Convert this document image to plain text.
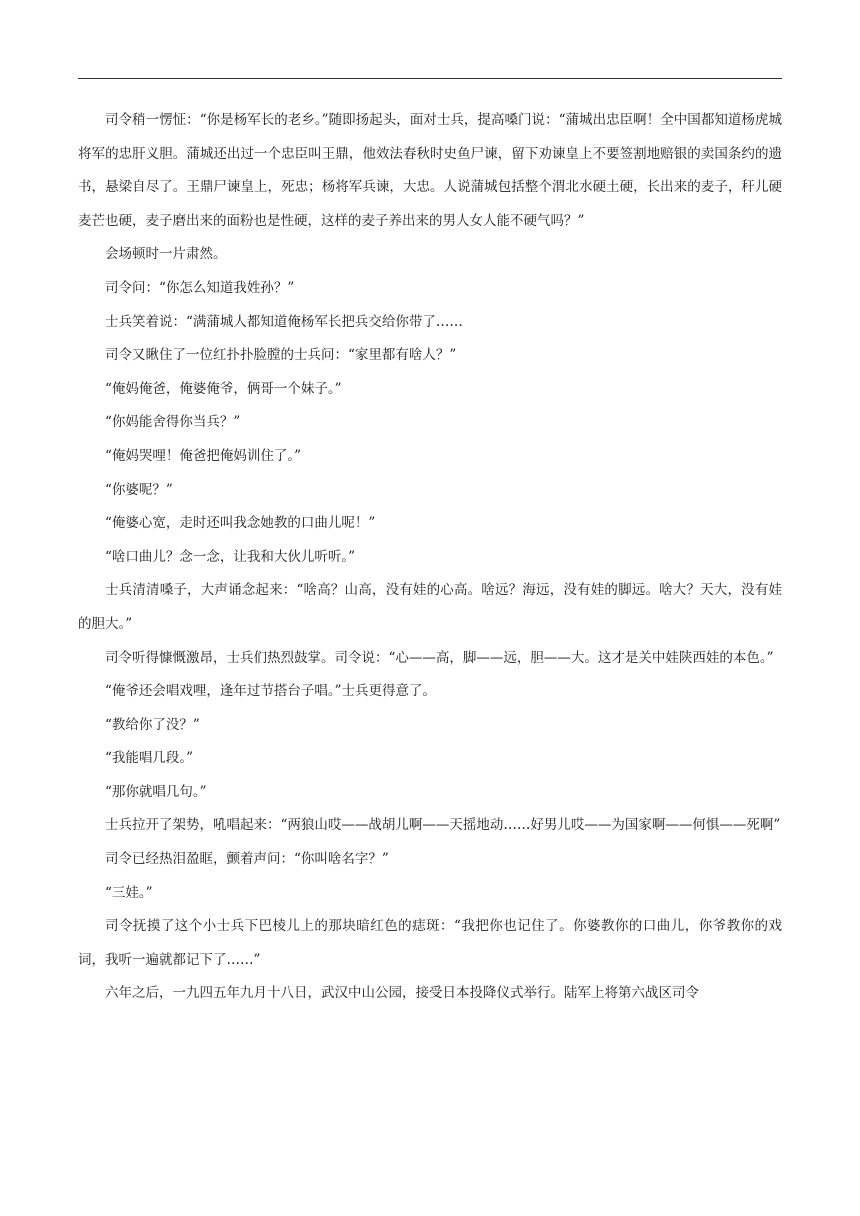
司令稍一愣怔：“你是杨军长的老乡。”随即扬起头，面对士兵，提高嗓门说：“蒲城出忠臣啊！全中国都知道杨虎城将军的忠肝义胆。蒲城还出过一个忠臣叫王鼎，他效法春秋时史鱼尸谏，留下劝谏皇上不要签割地赔银的卖国条约的遗书，悬梁自尽了。王鼎尸谏皇上，死忠；杨将军兵谏，大忠。人说蒲城包括整个渭北水硬土硬，长出来的麦子，秆儿硬麦芒也硬，麦子磨出来的面粉也是性硬，这样的麦子养出来的男人女人能不硬气吗？”

会场顿时一片肃然。

司令问：“你怎么知道我姓孙？”

士兵笑着说：“满蒲城人都知道俺杨军长把兵交给你带了……

司令又瞅住了一位红扑扑脸膛的士兵问：“家里都有啥人？”

“俺妈俺爸，俺婆俺爷，俩哥一个妹子。”

“你妈能舍得你当兵？”

“俺妈哭哩！俺爸把俺妈训住了。”

“你婆呢？”

“俺婆心宽，走时还叫我念她教的口曲儿呢！”

“啥口曲儿？念一念，让我和大伙儿听听。”

士兵清清嗓子，大声诵念起来：“啥高？山高，没有娃的心高。啥远？海远，没有娃的脚远。啥大？天大，没有娃的胆大。”

司令听得慷慨激昂，士兵们热烈鼓掌。司令说：“心——高，脚——远，胆——大。这才是关中娃陕西娃的本色。”

“俺爷还会唱戏哩，逢年过节搭台子唱。”士兵更得意了。

“教给你了没？”

“我能唱几段。”

“那你就唱几句。”

士兵拉开了架势，吼唱起来：“两狼山哎——战胡儿啊——天摇地动……好男儿哎——为国家啊——何惧——死啊”

司令已经热泪盈眶，颤着声问：“你叫啥名字？”

“三娃。”

司令抚摸了这个小士兵下巴棱儿上的那块暗红色的痣斑：“我把你也记住了。你婆教你的口曲儿，你爷教你的戏词，我听一遍就都记下了……”

六年之后，一九四五年九月十八日，武汉中山公园，接受日本投降仪式举行。陆军上将第六战区司令
